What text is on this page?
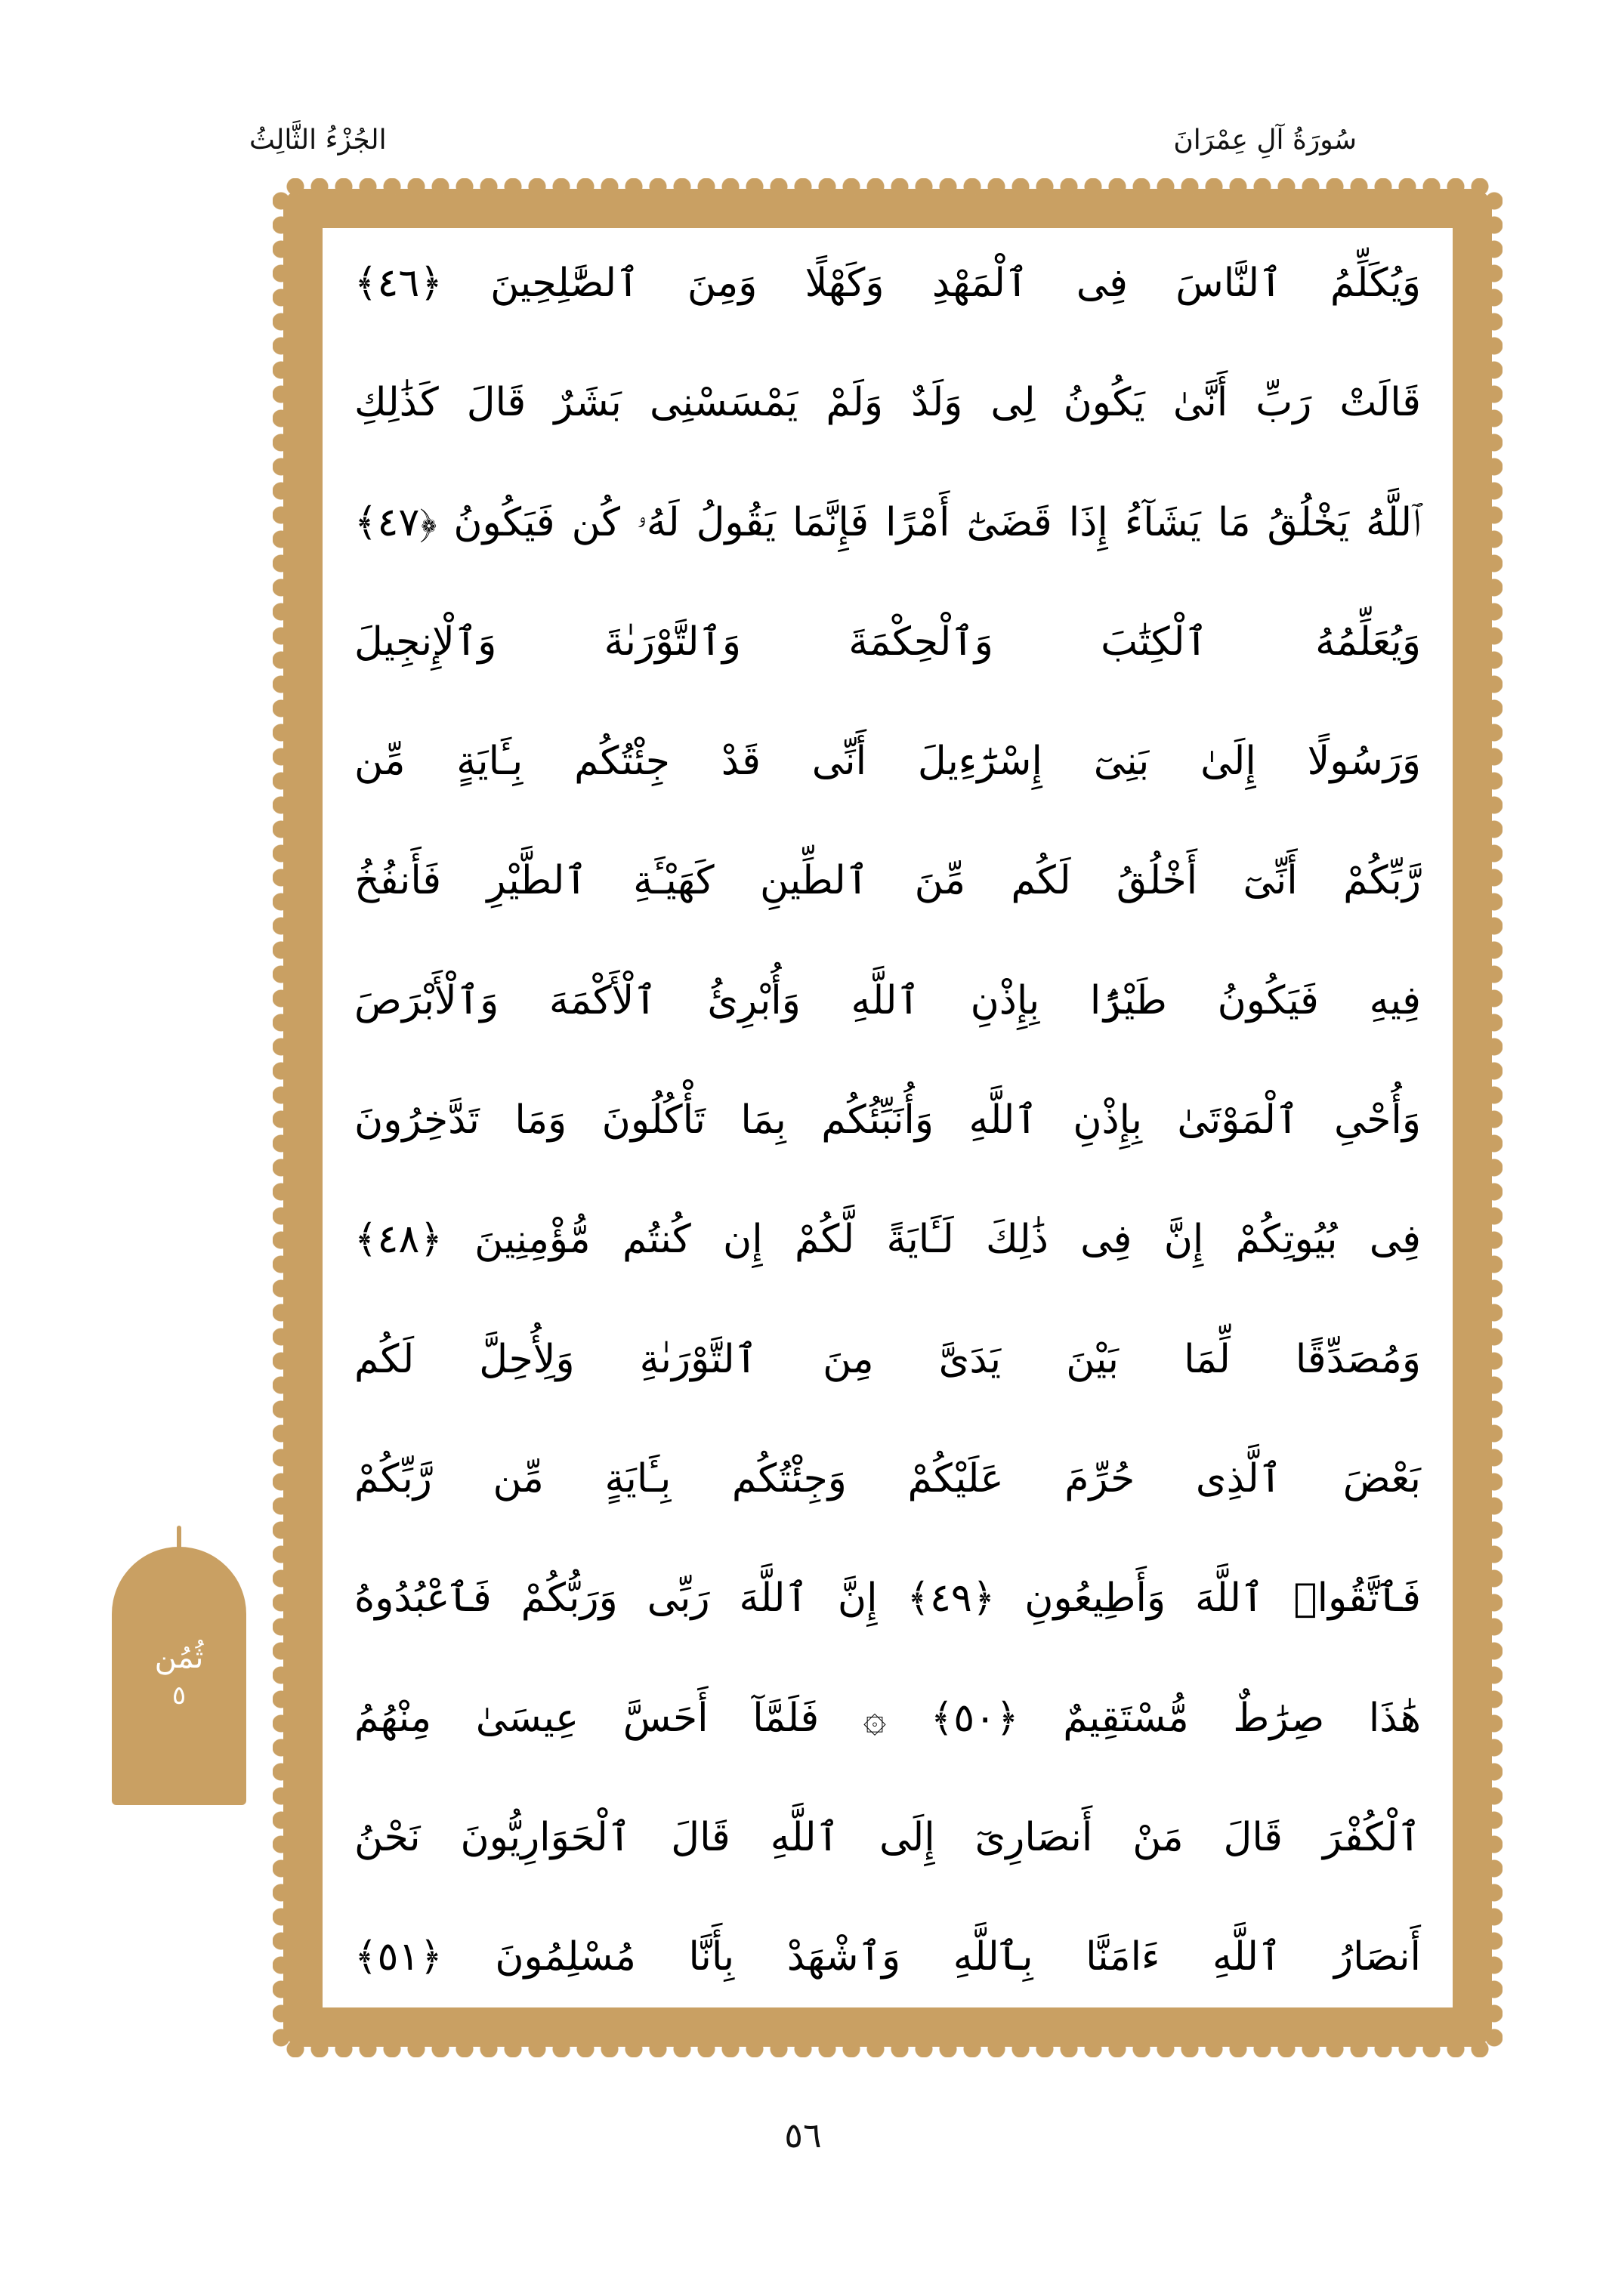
الجُزْءُ الثَّالِثُ	سُورَةُ آلِ عِمْرَانَ
وَيُكَلِّمُ ٱلنَّاسَ فِى ٱلْمَهْدِ وَكَهْلًا وَمِنَ ٱلصَّٰلِحِينَ ﴿٤٦﴾
قَالَتْ رَبِّ أَنَّىٰ يَكُونُ لِى وَلَدٌ وَلَمْ يَمْسَسْنِى بَشَرٌ قَالَ كَذَٰلِكِ
ٱللَّهُ يَخْلُقُ مَا يَشَآءُ إِذَا قَضَىٰٓ أَمْرًا فَإِنَّمَا يَقُولُ لَهُۥ كُن فَيَكُونُ ﴿٤٧﴾
وَيُعَلِّمُهُ ٱلْكِتَٰبَ وَٱلْحِكْمَةَ وَٱلتَّوْرَىٰةَ وَٱلْإِنجِيلَ
وَرَسُولًا إِلَىٰ بَنِىٓ إِسْرَٰٓءِيلَ أَنِّى قَدْ جِئْتُكُم بِـَٔايَةٍ مِّن
رَّبِّكُمْ أَنِّىٓ أَخْلُقُ لَكُم مِّنَ ٱلطِّينِ كَهَيْـَٔةِ ٱلطَّيْرِ فَأَنفُخُ
فِيهِ فَيَكُونُ طَيْرًۢا بِإِذْنِ ٱللَّهِ وَأُبْرِئُ ٱلْأَكْمَهَ وَٱلْأَبْرَصَ
وَأُحْىِ ٱلْمَوْتَىٰ بِإِذْنِ ٱللَّهِ وَأُنَبِّئُكُم بِمَا تَأْكُلُونَ وَمَا تَدَّخِرُونَ
فِى بُيُوتِكُمْ إِنَّ فِى ذَٰلِكَ لَـَٔايَةً لَّكُمْ إِن كُنتُم مُّؤْمِنِينَ ﴿٤٨﴾
وَمُصَدِّقًا لِّمَا بَيْنَ يَدَىَّ مِنَ ٱلتَّوْرَىٰةِ وَلِأُحِلَّ لَكُم
بَعْضَ ٱلَّذِى حُرِّمَ عَلَيْكُمْ وَجِئْتُكُم بِـَٔايَةٍ مِّن رَّبِّكُمْ
فَٱتَّقُوا۟ ٱللَّهَ وَأَطِيعُونِ ﴿٤٩﴾ إِنَّ ٱللَّهَ رَبِّى وَرَبُّكُمْ فَٱعْبُدُوهُ
هَٰذَا صِرَٰطٌ مُّسْتَقِيمٌ ﴿٥٠﴾ ۞ فَلَمَّآ أَحَسَّ عِيسَىٰ مِنْهُمُ
ٱلْكُفْرَ قَالَ مَنْ أَنصَارِىٓ إِلَى ٱللَّهِ قَالَ ٱلْحَوَارِيُّونَ نَحْنُ
أَنصَارُ ٱللَّهِ ءَامَنَّا بِٱللَّهِ وَٱشْهَدْ بِأَنَّا مُسْلِمُونَ ﴿٥١﴾
ثُمُن
٥
٥٦
